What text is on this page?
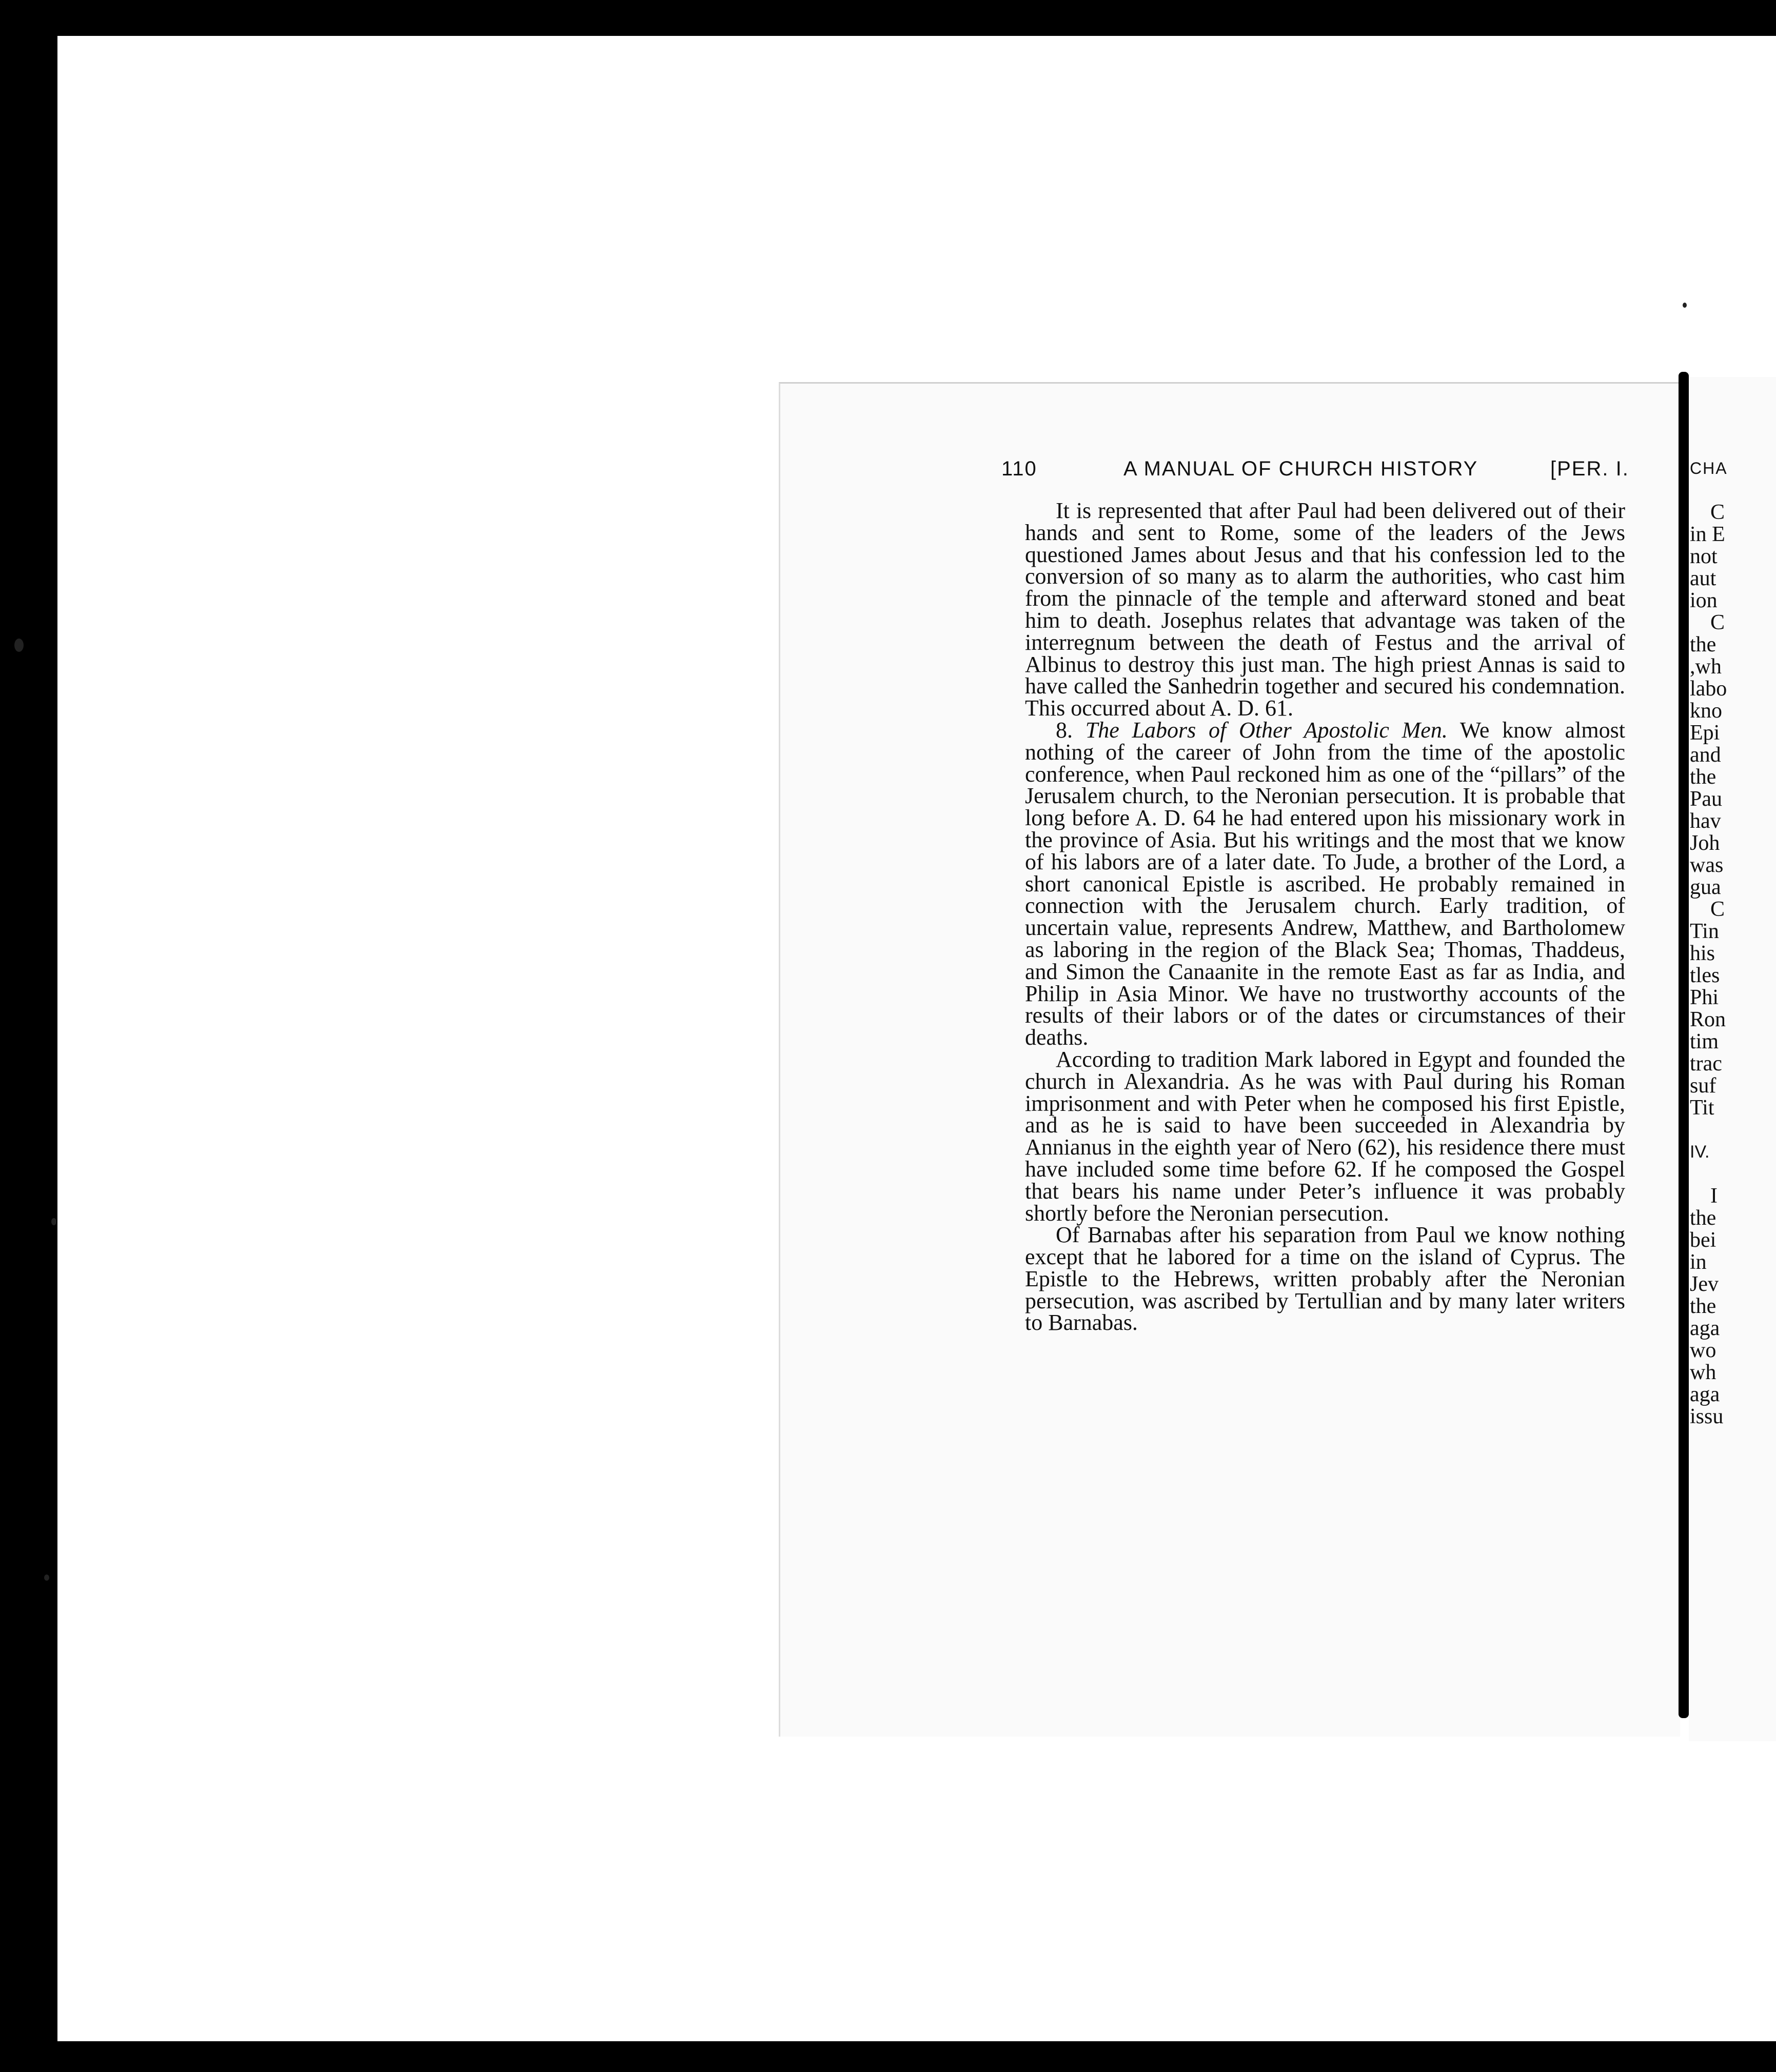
110	A MANUAL OF CHURCH HISTORY	[PER. I.

It is represented that after Paul had been delivered out of their hands and sent to Rome, some of the leaders of the Jews questioned James about Jesus and that his confession led to the conversion of so many as to alarm the authorities, who cast him from the pinnacle of the temple and afterward stoned and beat him to death. Josephus relates that advantage was taken of the interregnum between the death of Festus and the arrival of Albinus to destroy this just man. The high priest Annas is said to have called the Sanhedrin together and secured his condemnation. This occurred about A. D. 61.

8. The Labors of Other Apostolic Men. We know almost nothing of the career of John from the time of the apostolic conference, when Paul reckoned him as one of the “pillars” of the Jerusalem church, to the Neronian persecution. It is probable that long before A. D. 64 he had entered upon his missionary work in the province of Asia. But his writings and the most that we know of his labors are of a later date. To Jude, a brother of the Lord, a short canonical Epistle is ascribed. He probably remained in connection with the Jerusalem church. Early tradition, of uncertain value, represents Andrew, Matthew, and Bartholomew as laboring in the region of the Black Sea; Thomas, Thaddeus, and Simon the Canaanite in the remote East as far as India, and Philip in Asia Minor. We have no trustworthy accounts of the results of their labors or of the dates or circumstances of their deaths.

According to tradition Mark labored in Egypt and founded the church in Alexandria. As he was with Paul during his Roman imprisonment and with Peter when he composed his first Epistle, and as he is said to have been succeeded in Alexandria by Annianus in the eighth year of Nero (62), his residence there must have included some time before 62. If he composed the Gospel that bears his name under Peter’s influence it was probably shortly before the Neronian persecution.

Of Barnabas after his separation from Paul we know nothing except that he labored for a time on the island of Cyprus. The Epistle to the Hebrews, written probably after the Neronian persecution, was ascribed by Tertullian and by many later writers to Barnabas.

CHA
C
in E
not
aut
ion
C
the
,wh
labo
kno
Epi
and
the
Pau
hav
Joh
was
gua
C
Tin
his
tles
Phi
Ron
tim
trac
suf
Tit
IV.
I
the
bei
in
Jev
the
aga
wo
wh
aga
issu
